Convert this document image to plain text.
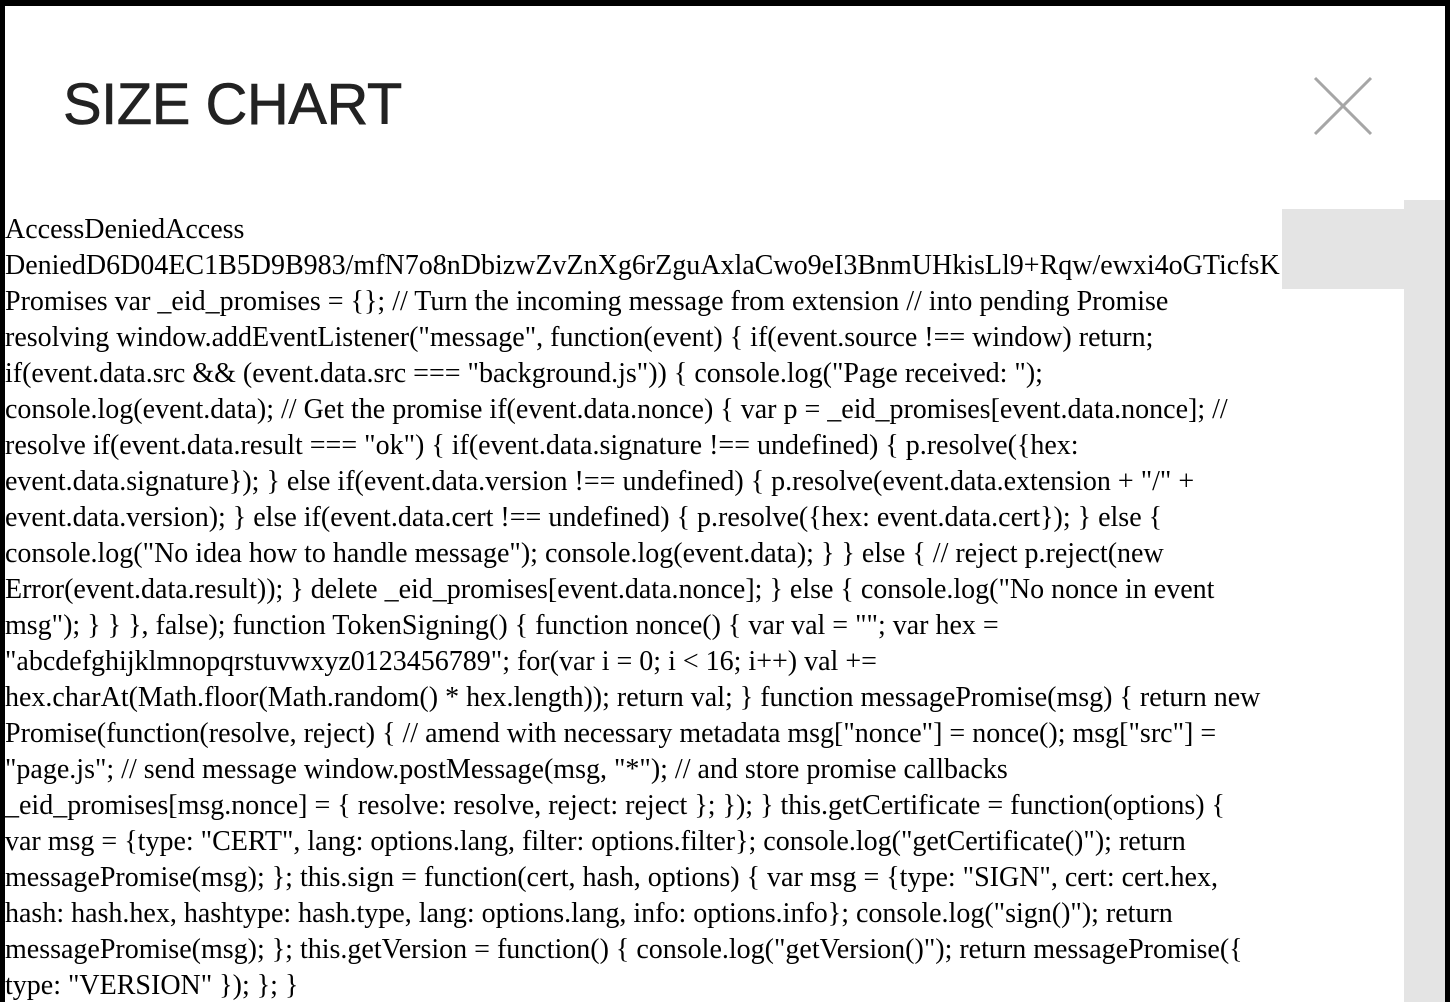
SIZE CHART
AccessDeniedAccess
DeniedD6D04EC1B5D9B983/mfN7o8nDbizwZvZnXg6rZguAxlaCwo9eI3BnmUHkisLl9+Rqw/ewxi4oGTicfsK
Promises var _eid_promises = {}; // Turn the incoming message from extension // into pending Promise
resolving window.addEventListener("message", function(event) { if(event.source !== window) return;
if(event.data.src && (event.data.src === "background.js")) { console.log("Page received: ");
console.log(event.data); // Get the promise if(event.data.nonce) { var p = _eid_promises[event.data.nonce]; //
resolve if(event.data.result === "ok") { if(event.data.signature !== undefined) { p.resolve({hex:
event.data.signature}); } else if(event.data.version !== undefined) { p.resolve(event.data.extension + "/" +
event.data.version); } else if(event.data.cert !== undefined) { p.resolve({hex: event.data.cert}); } else {
console.log("No idea how to handle message"); console.log(event.data); } } else { // reject p.reject(new
Error(event.data.result)); } delete _eid_promises[event.data.nonce]; } else { console.log("No nonce in event
msg"); } } }, false); function TokenSigning() { function nonce() { var val = ""; var hex =
"abcdefghijklmnopqrstuvwxyz0123456789"; for(var i = 0; i < 16; i++) val +=
hex.charAt(Math.floor(Math.random() * hex.length)); return val; } function messagePromise(msg) { return new
Promise(function(resolve, reject) { // amend with necessary metadata msg["nonce"] = nonce(); msg["src"] =
"page.js"; // send message window.postMessage(msg, "*"); // and store promise callbacks
_eid_promises[msg.nonce] = { resolve: resolve, reject: reject }; }); } this.getCertificate = function(options) {
var msg = {type: "CERT", lang: options.lang, filter: options.filter}; console.log("getCertificate()"); return
messagePromise(msg); }; this.sign = function(cert, hash, options) { var msg = {type: "SIGN", cert: cert.hex,
hash: hash.hex, hashtype: hash.type, lang: options.lang, info: options.info}; console.log("sign()"); return
messagePromise(msg); }; this.getVersion = function() { console.log("getVersion()"); return messagePromise({
type: "VERSION" }); }; }
